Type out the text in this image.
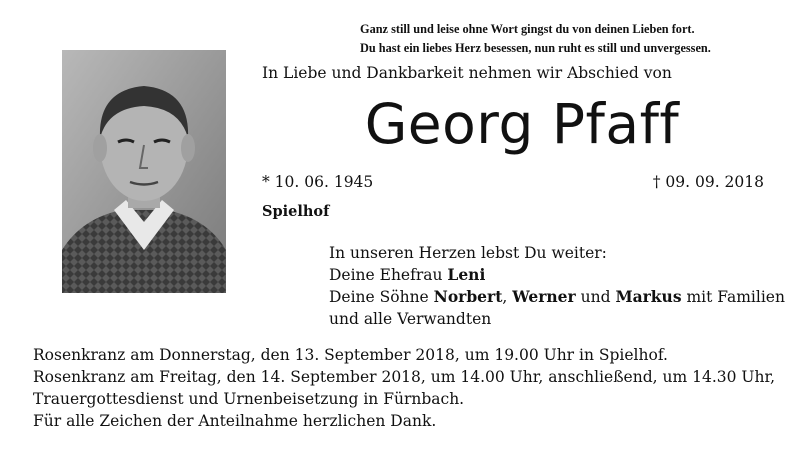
Ganz still und leise ohne Wort gingst du von deinen Lieben fort.
Du hast ein liebes Herz besessen, nun ruht es still und unvergessen.
In Liebe und Dankbarkeit nehmen wir Abschied von
Georg Pfaff
* 10. 06. 1945	† 09. 09. 2018
Spielhof
In unseren Herzen lebst Du weiter:
Deine Ehefrau Leni
Deine Söhne Norbert, Werner und Markus mit Familien
und alle Verwandten
Rosenkranz am Donnerstag, den 13. September 2018, um 19.00 Uhr in Spielhof.
Rosenkranz am Freitag, den 14. September 2018, um 14.00 Uhr, anschließend, um 14.30 Uhr,
Trauergottesdienst und Urnenbeisetzung in Fürnbach.
Für alle Zeichen der Anteilnahme herzlichen Dank.
